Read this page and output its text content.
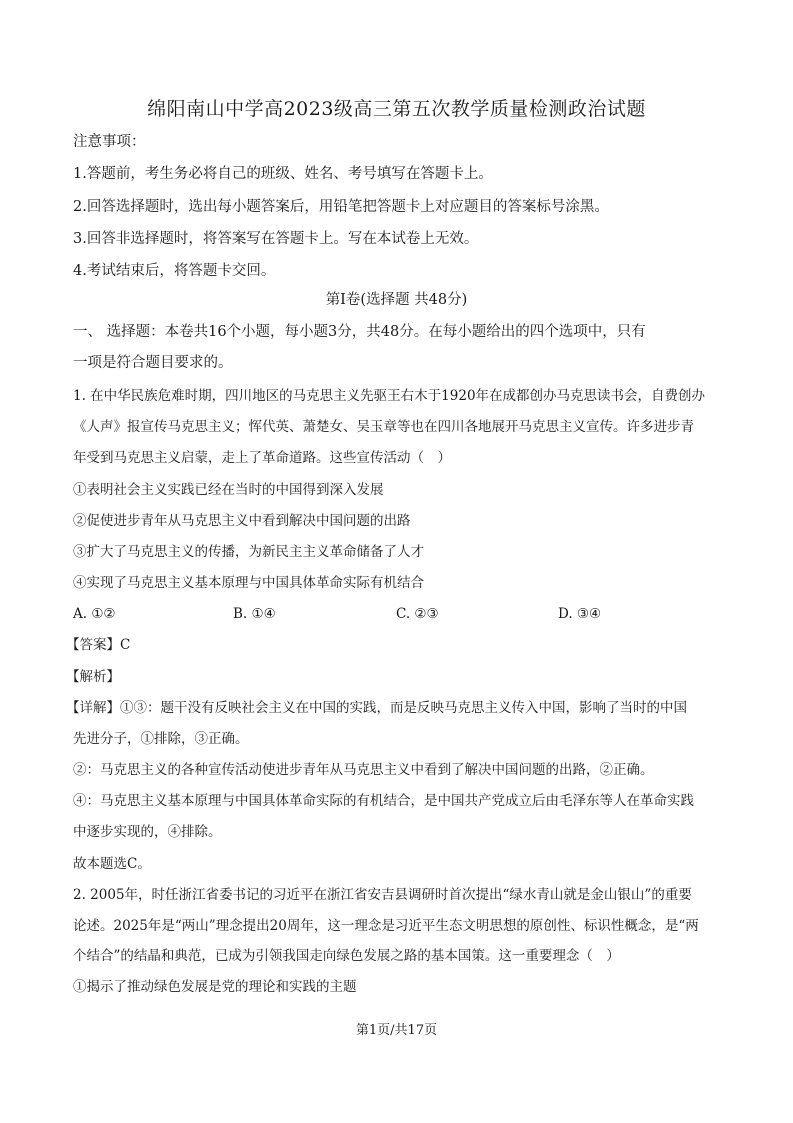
绵阳南山中学高2023级高三第五次教学质量检测政治试题
注意事项：
1.答题前，考生务必将自己的班级、姓名、考号填写在答题卡上。
2.回答选择题时，选出每小题答案后，用铅笔把答题卡上对应题目的答案标号涂黑。
3.回答非选择题时，将答案写在答题卡上。写在本试卷上无效。
4.考试结束后，将答题卡交回。
第Ⅰ卷(选择题 共48分)
一、 选择题：本卷共16个小题，每小题3分，共48分。在每小题给出的四个选项中，只有
一项是符合题目要求的。
1. 在中华民族危难时期，四川地区的马克思主义先驱王右木于1920年在成都创办马克思读书会，自费创办
《人声》报宣传马克思主义；恽代英、萧楚女、吴玉章等也在四川各地展开马克思主义宣传。许多进步青
年受到马克思主义启蒙，走上了革命道路。这些宣传活动（　）
①表明社会主义实践已经在当时的中国得到深入发展
②促使进步青年从马克思主义中看到解决中国问题的出路
③扩大了马克思主义的传播，为新民主主义革命储备了人才
④实现了马克思主义基本原理与中国具体革命实际有机结合
A. ①②	B. ①④	C. ②③	D. ③④
【答案】C
【解析】
【详解】①③：题干没有反映社会主义在中国的实践，而是反映马克思主义传入中国，影响了当时的中国
先进分子，①排除，③正确。
②：马克思主义的各种宣传活动使进步青年从马克思主义中看到了解决中国问题的出路，②正确。
④：马克思主义基本原理与中国具体革命实际的有机结合，是中国共产党成立后由毛泽东等人在革命实践
中逐步实现的，④排除。
故本题选C。
2. 2005年，时任浙江省委书记的习近平在浙江省安吉县调研时首次提出“绿水青山就是金山银山”的重要
论述。2025年是“两山”理念提出20周年，这一理念是习近平生态文明思想的原创性、标识性概念，是“两
个结合”的结晶和典范，已成为引领我国走向绿色发展之路的基本国策。这一重要理念（　）
①揭示了推动绿色发展是党的理论和实践的主题
第1页/共17页
